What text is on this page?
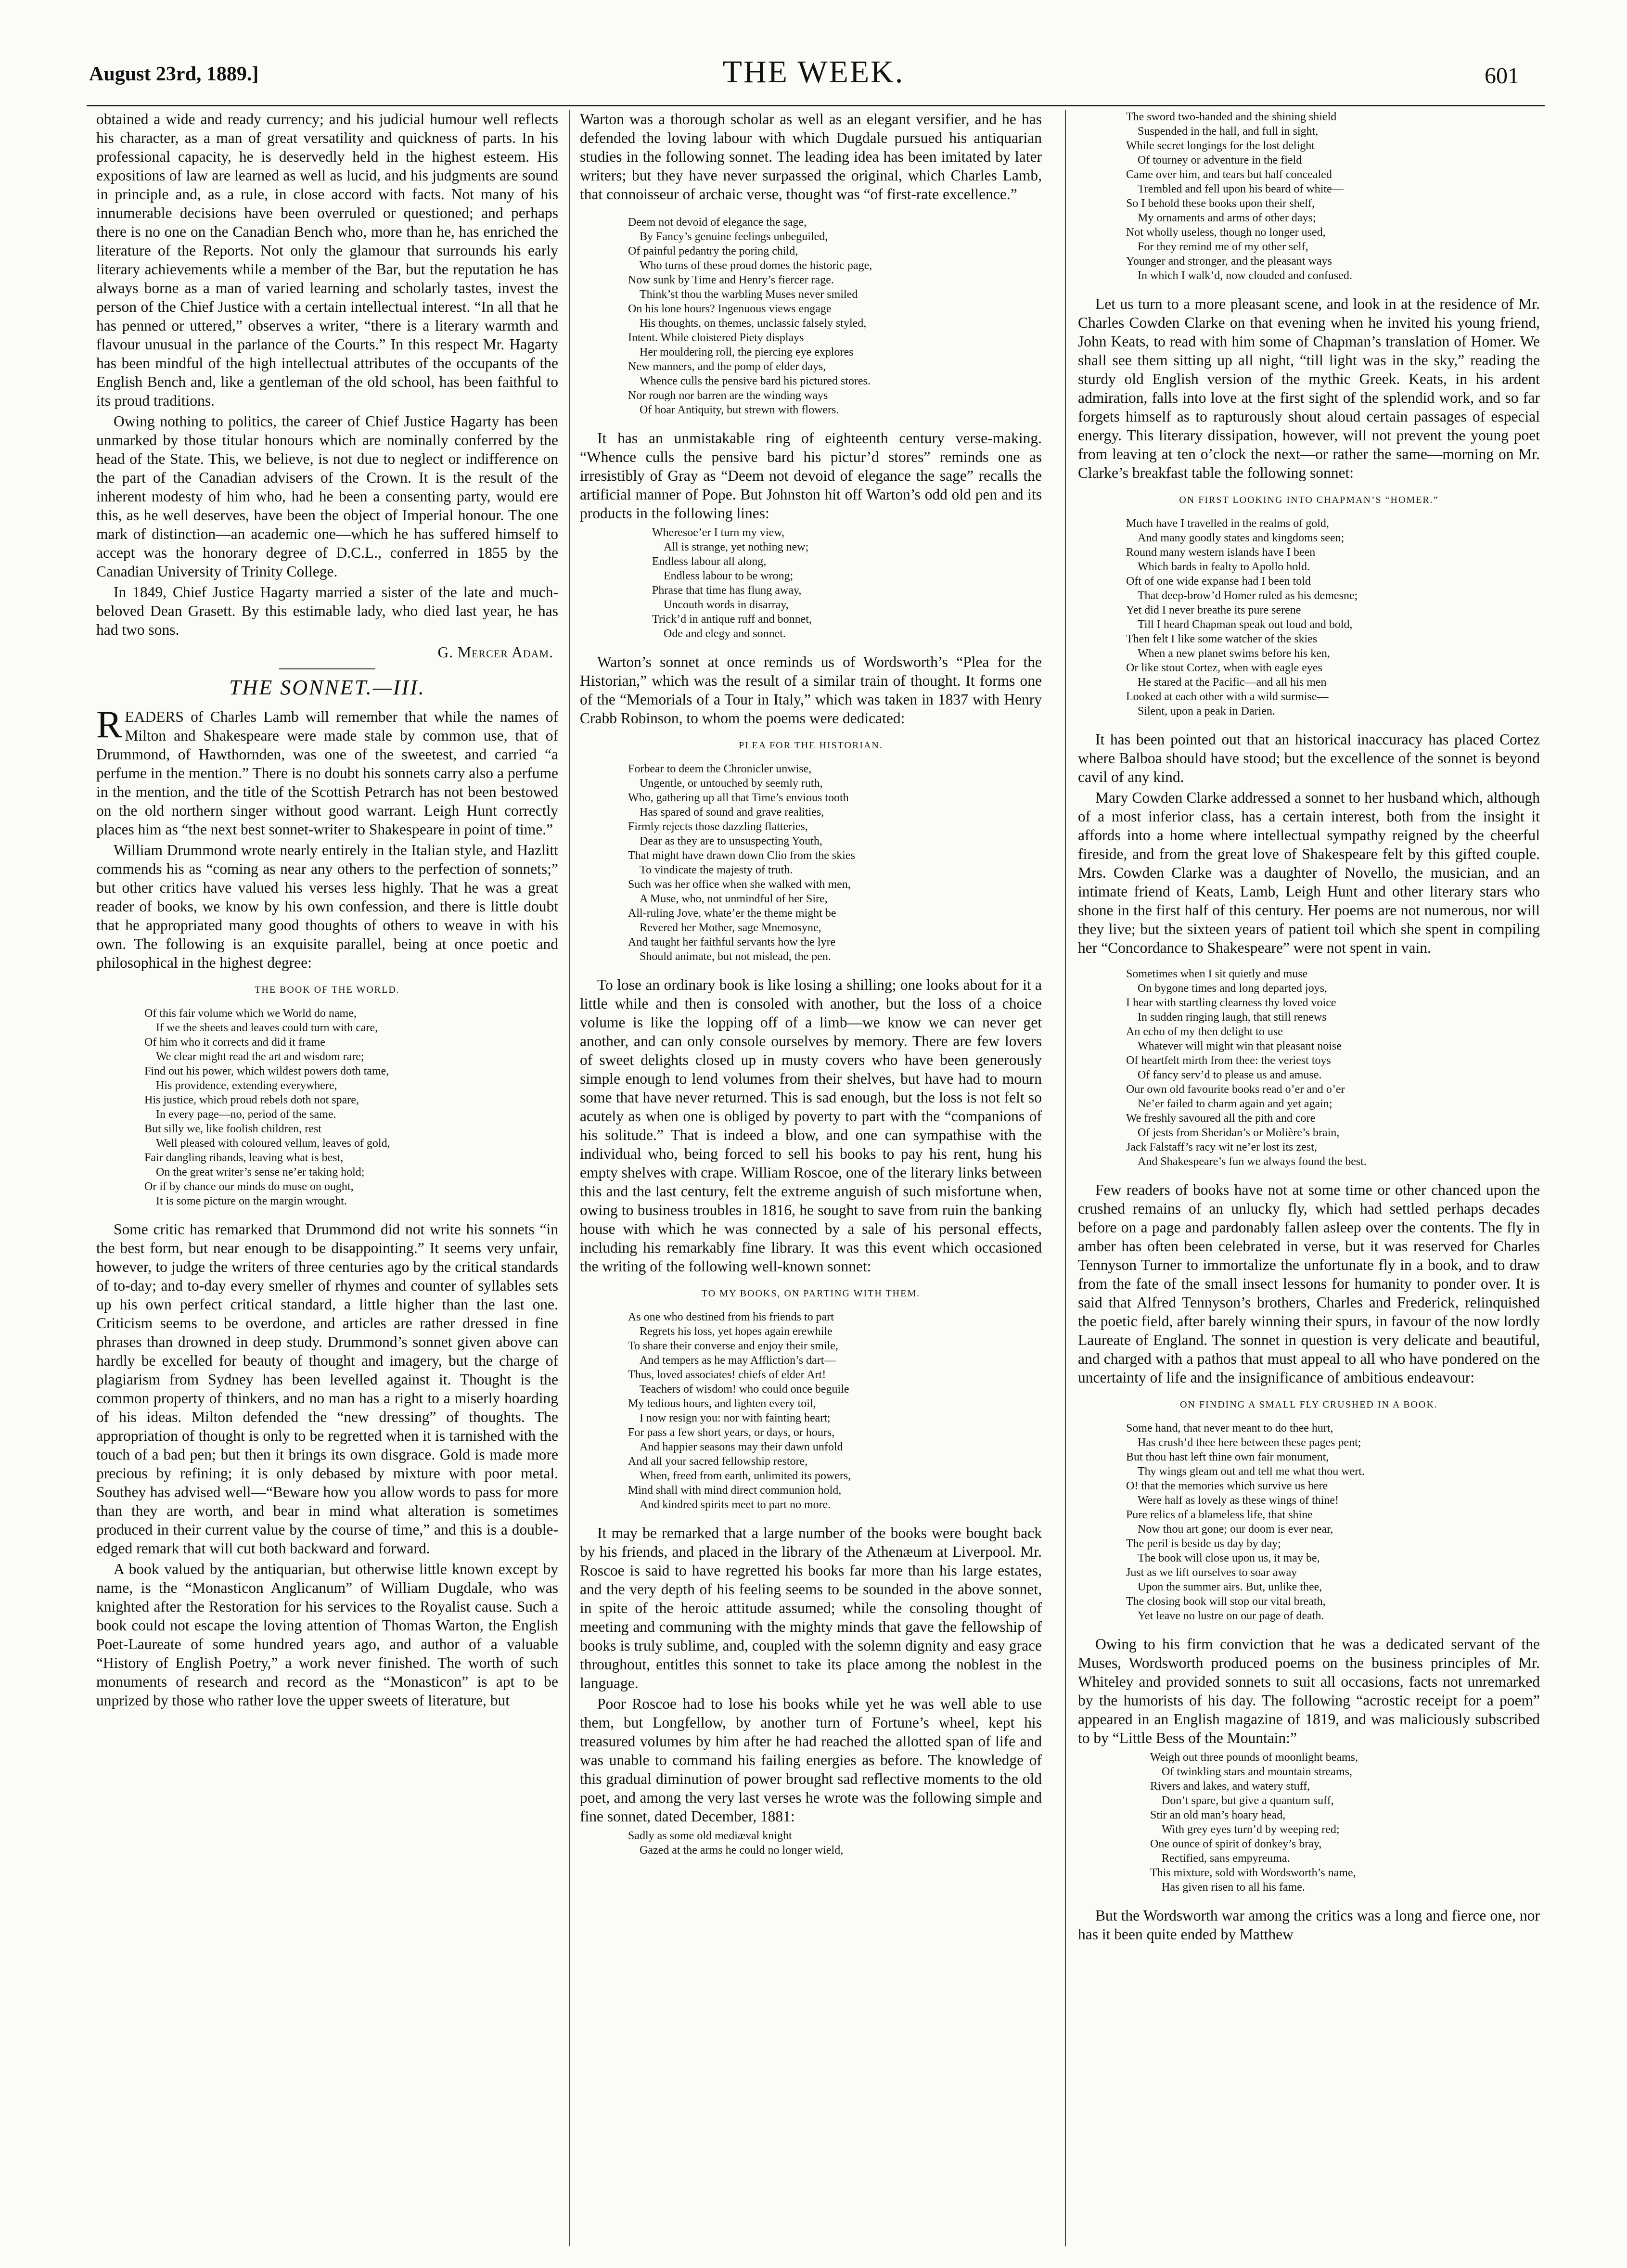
August 23rd, 1889.]	THE WEEK.	601

obtained a wide and ready currency; and his judicial humour well reflects his character, as a man of great versatility and quickness of parts. In his professional capacity, he is deservedly held in the highest esteem. His expositions of law are learned as well as lucid, and his judgments are sound in principle and, as a rule, in close accord with facts. Not many of his innumerable decisions have been overruled or questioned; and perhaps there is no one on the Canadian Bench who, more than he, has enriched the literature of the Reports. Not only the glamour that surrounds his early literary achievements while a member of the Bar, but the reputation he has always borne as a man of varied learning and scholarly tastes, invest the person of the Chief Justice with a certain intellectual interest. “In all that he has penned or uttered,” observes a writer, “there is a literary warmth and flavour unusual in the parlance of the Courts.” In this respect Mr. Hagarty has been mindful of the high intellectual attributes of the occupants of the English Bench and, like a gentleman of the old school, has been faithful to its proud traditions.

Owing nothing to politics, the career of Chief Justice Hagarty has been unmarked by those titular honours which are nominally conferred by the head of the State. This, we believe, is not due to neglect or indifference on the part of the Canadian advisers of the Crown. It is the result of the inherent modesty of him who, had he been a consenting party, would ere this, as he well deserves, have been the object of Imperial honour. The one mark of distinction—an academic one—which he has suffered himself to accept was the honorary degree of D.C.L., conferred in 1855 by the Canadian University of Trinity College.

In 1849, Chief Justice Hagarty married a sister of the late and much-beloved Dean Grasett. By this estimable lady, who died last year, he has had two sons.

G. Mercer Adam.
THE SONNET.—III.

READERS of Charles Lamb will remember that while the names of Milton and Shakespeare were made stale by common use, that of Drummond, of Hawthornden, was one of the sweetest, and carried “a perfume in the mention.” There is no doubt his sonnets carry also a perfume in the mention, and the title of the Scottish Petrarch has not been bestowed on the old northern singer without good warrant. Leigh Hunt correctly places him as “the next best sonnet-writer to Shakespeare in point of time.”

William Drummond wrote nearly entirely in the Italian style, and Hazlitt commends his as “coming as near any others to the perfection of sonnets;” but other critics have valued his verses less highly. That he was a great reader of books, we know by his own confession, and there is little doubt that he appropriated many good thoughts of others to weave in with his own. The following is an exquisite parallel, being at once poetic and philosophical in the highest degree:

THE BOOK OF THE WORLD.
Of this fair volume which we World do name,
If we the sheets and leaves could turn with care,
Of him who it corrects and did it frame
We clear might read the art and wisdom rare;
Find out his power, which wildest powers doth tame,
His providence, extending everywhere,
His justice, which proud rebels doth not spare,
In every page—no, period of the same.
But silly we, like foolish children, rest
Well pleased with coloured vellum, leaves of gold,
Fair dangling ribands, leaving what is best,
On the great writer’s sense ne’er taking hold;
Or if by chance our minds do muse on ought,
It is some picture on the margin wrought.

Some critic has remarked that Drummond did not write his sonnets “in the best form, but near enough to be disappointing.” It seems very unfair, however, to judge the writers of three centuries ago by the critical standards of to-day; and to-day every smeller of rhymes and counter of syllables sets up his own perfect critical standard, a little higher than the last one. Criticism seems to be overdone, and articles are rather dressed in fine phrases than drowned in deep study. Drummond’s sonnet given above can hardly be excelled for beauty of thought and imagery, but the charge of plagiarism from Sydney has been levelled against it. Thought is the common property of thinkers, and no man has a right to a miserly hoarding of his ideas. Milton defended the “new dressing” of thoughts. The appropriation of thought is only to be regretted when it is tarnished with the touch of a bad pen; but then it brings its own disgrace. Gold is made more precious by refining; it is only debased by mixture with poor metal. Southey has advised well—“Beware how you allow words to pass for more than they are worth, and bear in mind what alteration is sometimes produced in their current value by the course of time,” and this is a double-edged remark that will cut both backward and forward.

A book valued by the antiquarian, but otherwise little known except by name, is the “Monasticon Anglicanum” of William Dugdale, who was knighted after the Restoration for his services to the Royalist cause. Such a book could not escape the loving attention of Thomas Warton, the English Poet-Laureate of some hundred years ago, and author of a valuable “History of English Poetry,” a work never finished. The worth of such monuments of research and record as the “Monasticon” is apt to be unprized by those who rather love the upper sweets of literature, but

Warton was a thorough scholar as well as an elegant versifier, and he has defended the loving labour with which Dugdale pursued his antiquarian studies in the following sonnet. The leading idea has been imitated by later writers; but they have never surpassed the original, which Charles Lamb, that connoisseur of archaic verse, thought was “of first-rate excellence.”

Deem not devoid of elegance the sage,
By Fancy’s genuine feelings unbeguiled,
Of painful pedantry the poring child,
Who turns of these proud domes the historic page,
Now sunk by Time and Henry’s fiercer rage.
Think’st thou the warbling Muses never smiled
On his lone hours? Ingenuous views engage
His thoughts, on themes, unclassic falsely styled,
Intent. While cloistered Piety displays
Her mouldering roll, the piercing eye explores
New manners, and the pomp of elder days,
Whence culls the pensive bard his pictured stores.
Nor rough nor barren are the winding ways
Of hoar Antiquity, but strewn with flowers.

It has an unmistakable ring of eighteenth century verse-making. “Whence culls the pensive bard his pictur’d stores” reminds one as irresistibly of Gray as “Deem not devoid of elegance the sage” recalls the artificial manner of Pope. But Johnston hit off Warton’s odd old pen and its products in the following lines:

Wheresoe’er I turn my view,
All is strange, yet nothing new;
Endless labour all along,
Endless labour to be wrong;
Phrase that time has flung away,
Uncouth words in disarray,
Trick’d in antique ruff and bonnet,
Ode and elegy and sonnet.

Warton’s sonnet at once reminds us of Wordsworth’s “Plea for the Historian,” which was the result of a similar train of thought. It forms one of the “Memorials of a Tour in Italy,” which was taken in 1837 with Henry Crabb Robinson, to whom the poems were dedicated:

PLEA FOR THE HISTORIAN.
Forbear to deem the Chronicler unwise,
Ungentle, or untouched by seemly ruth,
Who, gathering up all that Time’s envious tooth
Has spared of sound and grave realities,
Firmly rejects those dazzling flatteries,
Dear as they are to unsuspecting Youth,
That might have drawn down Clio from the skies
To vindicate the majesty of truth.
Such was her office when she walked with men,
A Muse, who, not unmindful of her Sire,
All-ruling Jove, whate’er the theme might be
Revered her Mother, sage Mnemosyne,
And taught her faithful servants how the lyre
Should animate, but not mislead, the pen.

To lose an ordinary book is like losing a shilling; one looks about for it a little while and then is consoled with another, but the loss of a choice volume is like the lopping off of a limb—we know we can never get another, and can only console ourselves by memory. There are few lovers of sweet delights closed up in musty covers who have been generously simple enough to lend volumes from their shelves, but have had to mourn some that have never returned. This is sad enough, but the loss is not felt so acutely as when one is obliged by poverty to part with the “companions of his solitude.” That is indeed a blow, and one can sympathise with the individual who, being forced to sell his books to pay his rent, hung his empty shelves with crape. William Roscoe, one of the literary links between this and the last century, felt the extreme anguish of such misfortune when, owing to business troubles in 1816, he sought to save from ruin the banking house with which he was connected by a sale of his personal effects, including his remarkably fine library. It was this event which occasioned the writing of the following well-known sonnet:

TO MY BOOKS, ON PARTING WITH THEM.
As one who destined from his friends to part
Regrets his loss, yet hopes again erewhile
To share their converse and enjoy their smile,
And tempers as he may Affliction’s dart—
Thus, loved associates! chiefs of elder Art!
Teachers of wisdom! who could once beguile
My tedious hours, and lighten every toil,
I now resign you: nor with fainting heart;
For pass a few short years, or days, or hours,
And happier seasons may their dawn unfold
And all your sacred fellowship restore,
When, freed from earth, unlimited its powers,
Mind shall with mind direct communion hold,
And kindred spirits meet to part no more.

It may be remarked that a large number of the books were bought back by his friends, and placed in the library of the Athenæum at Liverpool. Mr. Roscoe is said to have regretted his books far more than his large estates, and the very depth of his feeling seems to be sounded in the above sonnet, in spite of the heroic attitude assumed; while the consoling thought of meeting and communing with the mighty minds that gave the fellowship of books is truly sublime, and, coupled with the solemn dignity and easy grace throughout, entitles this sonnet to take its place among the noblest in the language.

Poor Roscoe had to lose his books while yet he was well able to use them, but Longfellow, by another turn of Fortune’s wheel, kept his treasured volumes by him after he had reached the allotted span of life and was unable to command his failing energies as before. The knowledge of this gradual diminution of power brought sad reflective moments to the old poet, and among the very last verses he wrote was the following simple and fine sonnet, dated December, 1881:

Sadly as some old mediæval knight
Gazed at the arms he could no longer wield,
The sword two-handed and the shining shield
Suspended in the hall, and full in sight,
While secret longings for the lost delight
Of tourney or adventure in the field
Came over him, and tears but half concealed
Trembled and fell upon his beard of white—
So I behold these books upon their shelf,
My ornaments and arms of other days;
Not wholly useless, though no longer used,
For they remind me of my other self,
Younger and stronger, and the pleasant ways
In which I walk’d, now clouded and confused.

Let us turn to a more pleasant scene, and look in at the residence of Mr. Charles Cowden Clarke on that evening when he invited his young friend, John Keats, to read with him some of Chapman’s translation of Homer. We shall see them sitting up all night, “till light was in the sky,” reading the sturdy old English version of the mythic Greek. Keats, in his ardent admiration, falls into love at the first sight of the splendid work, and so far forgets himself as to rapturously shout aloud certain passages of especial energy. This literary dissipation, however, will not prevent the young poet from leaving at ten o’clock the next—or rather the same—morning on Mr. Clarke’s breakfast table the following sonnet:

ON FIRST LOOKING INTO CHAPMAN’S “HOMER.”
Much have I travelled in the realms of gold,
And many goodly states and kingdoms seen;
Round many western islands have I been
Which bards in fealty to Apollo hold.
Oft of one wide expanse had I been told
That deep-brow’d Homer ruled as his demesne;
Yet did I never breathe its pure serene
Till I heard Chapman speak out loud and bold,
Then felt I like some watcher of the skies
When a new planet swims before his ken,
Or like stout Cortez, when with eagle eyes
He stared at the Pacific—and all his men
Looked at each other with a wild surmise—
Silent, upon a peak in Darien.

It has been pointed out that an historical inaccuracy has placed Cortez where Balboa should have stood; but the excellence of the sonnet is beyond cavil of any kind.

Mary Cowden Clarke addressed a sonnet to her husband which, although of a most inferior class, has a certain interest, both from the insight it affords into a home where intellectual sympathy reigned by the cheerful fireside, and from the great love of Shakespeare felt by this gifted couple. Mrs. Cowden Clarke was a daughter of Novello, the musician, and an intimate friend of Keats, Lamb, Leigh Hunt and other literary stars who shone in the first half of this century. Her poems are not numerous, nor will they live; but the sixteen years of patient toil which she spent in compiling her “Concordance to Shakespeare” were not spent in vain.

Sometimes when I sit quietly and muse
On bygone times and long departed joys,
I hear with startling clearness thy loved voice
In sudden ringing laugh, that still renews
An echo of my then delight to use
Whatever will might win that pleasant noise
Of heartfelt mirth from thee: the veriest toys
Of fancy serv’d to please us and amuse.
Our own old favourite books read o’er and o’er
Ne’er failed to charm again and yet again;
We freshly savoured all the pith and core
Of jests from Sheridan’s or Molière’s brain,
Jack Falstaff’s racy wit ne’er lost its zest,
And Shakespeare’s fun we always found the best.

Few readers of books have not at some time or other chanced upon the crushed remains of an unlucky fly, which had settled perhaps decades before on a page and pardonably fallen asleep over the contents. The fly in amber has often been celebrated in verse, but it was reserved for Charles Tennyson Turner to immortalize the unfortunate fly in a book, and to draw from the fate of the small insect lessons for humanity to ponder over. It is said that Alfred Tennyson’s brothers, Charles and Frederick, relinquished the poetic field, after barely winning their spurs, in favour of the now lordly Laureate of England. The sonnet in question is very delicate and beautiful, and charged with a pathos that must appeal to all who have pondered on the uncertainty of life and the insignificance of ambitious endeavour:

ON FINDING A SMALL FLY CRUSHED IN A BOOK.
Some hand, that never meant to do thee hurt,
Has crush’d thee here between these pages pent;
But thou hast left thine own fair monument,
Thy wings gleam out and tell me what thou wert.
O! that the memories which survive us here
Were half as lovely as these wings of thine!
Pure relics of a blameless life, that shine
Now thou art gone; our doom is ever near,
The peril is beside us day by day;
The book will close upon us, it may be,
Just as we lift ourselves to soar away
Upon the summer airs. But, unlike thee,
The closing book will stop our vital breath,
Yet leave no lustre on our page of death.

Owing to his firm conviction that he was a dedicated servant of the Muses, Wordsworth produced poems on the business principles of Mr. Whiteley and provided sonnets to suit all occasions, facts not unremarked by the humorists of his day. The following “acrostic receipt for a poem” appeared in an English magazine of 1819, and was maliciously subscribed to by “Little Bess of the Mountain:”

Weigh out three pounds of moonlight beams,
Of twinkling stars and mountain streams,
Rivers and lakes, and watery stuff,
Don’t spare, but give a quantum suff,
Stir an old man’s hoary head,
With grey eyes turn’d by weeping red;
One ounce of spirit of donkey’s bray,
Rectified, sans empyreuma.
This mixture, sold with Wordsworth’s name,
Has given risen to all his fame.

But the Wordsworth war among the critics was a long and fierce one, nor has it been quite ended by Matthew
